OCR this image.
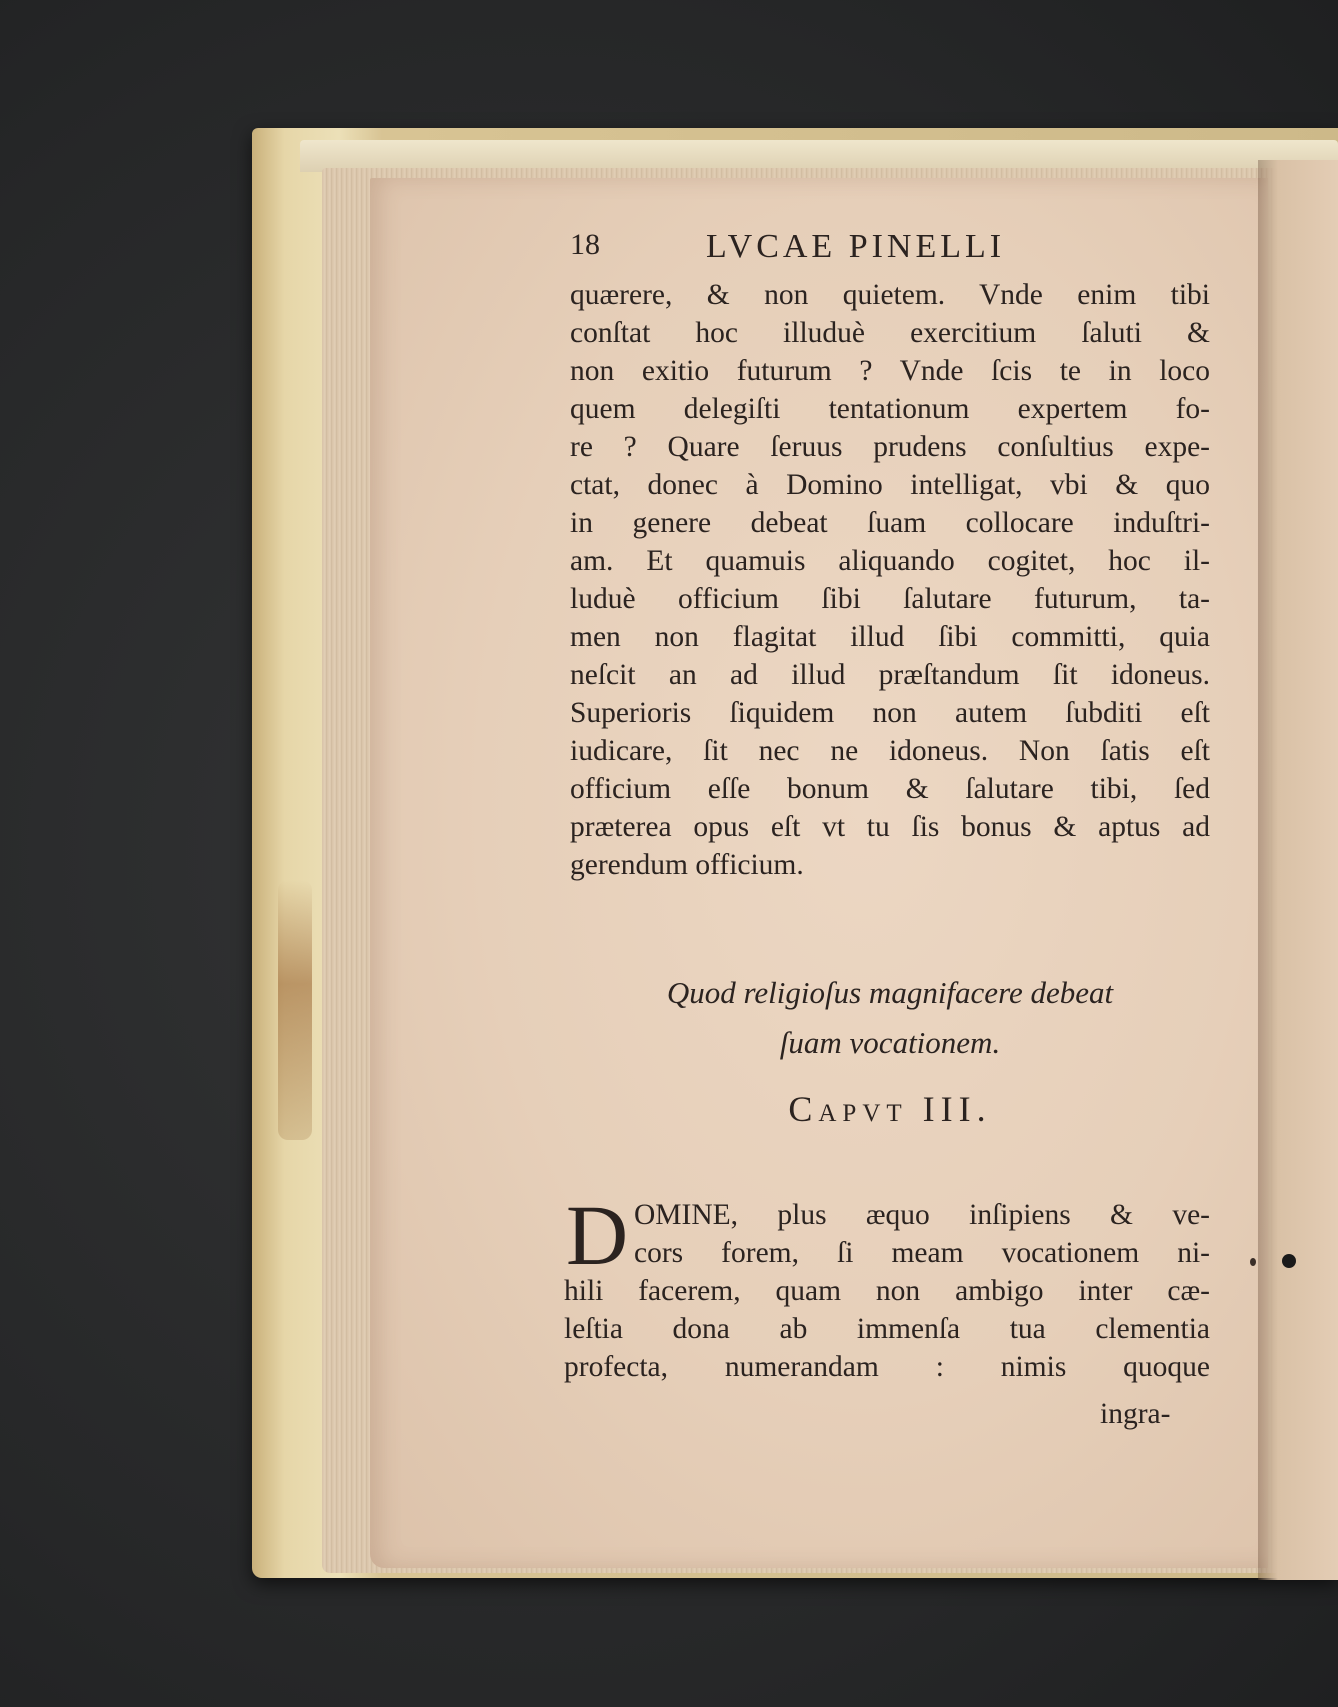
18	LVCAE PINELLI
quærere, & non quietem. Vnde enim tibi
conſtat hoc illuduè exercitium ſaluti &
non exitio futurum ? Vnde ſcis te in loco
quem delegiſti tentationum expertem fo-
re ? Quare ſeruus prudens conſultius expe-
ctat, donec à Domino intelligat, vbi & quo
in genere debeat ſuam collocare induſtri-
am. Et quamuis aliquando cogitet, hoc il-
luduè officium ſibi ſalutare futurum, ta-
men non flagitat illud ſibi committi, quia
neſcit an ad illud præſtandum ſit idoneus.
Superioris ſiquidem non autem ſubditi eſt
iudicare, ſit nec ne idoneus. Non ſatis eſt
officium eſſe bonum & ſalutare tibi, ſed
præterea opus eſt vt tu ſis bonus & aptus ad
gerendum officium.
Quod religioſus magnifacere debeat
ſuam vocationem.
Capvt III.
D OMINE, plus æquo inſipiens & ve-
cors forem, ſi meam vocationem ni-
hili facerem, quam non ambigo inter cæ-
leſtia dona ab immenſa tua clementia
profecta, numerandam : nimis quoque
ingra-
